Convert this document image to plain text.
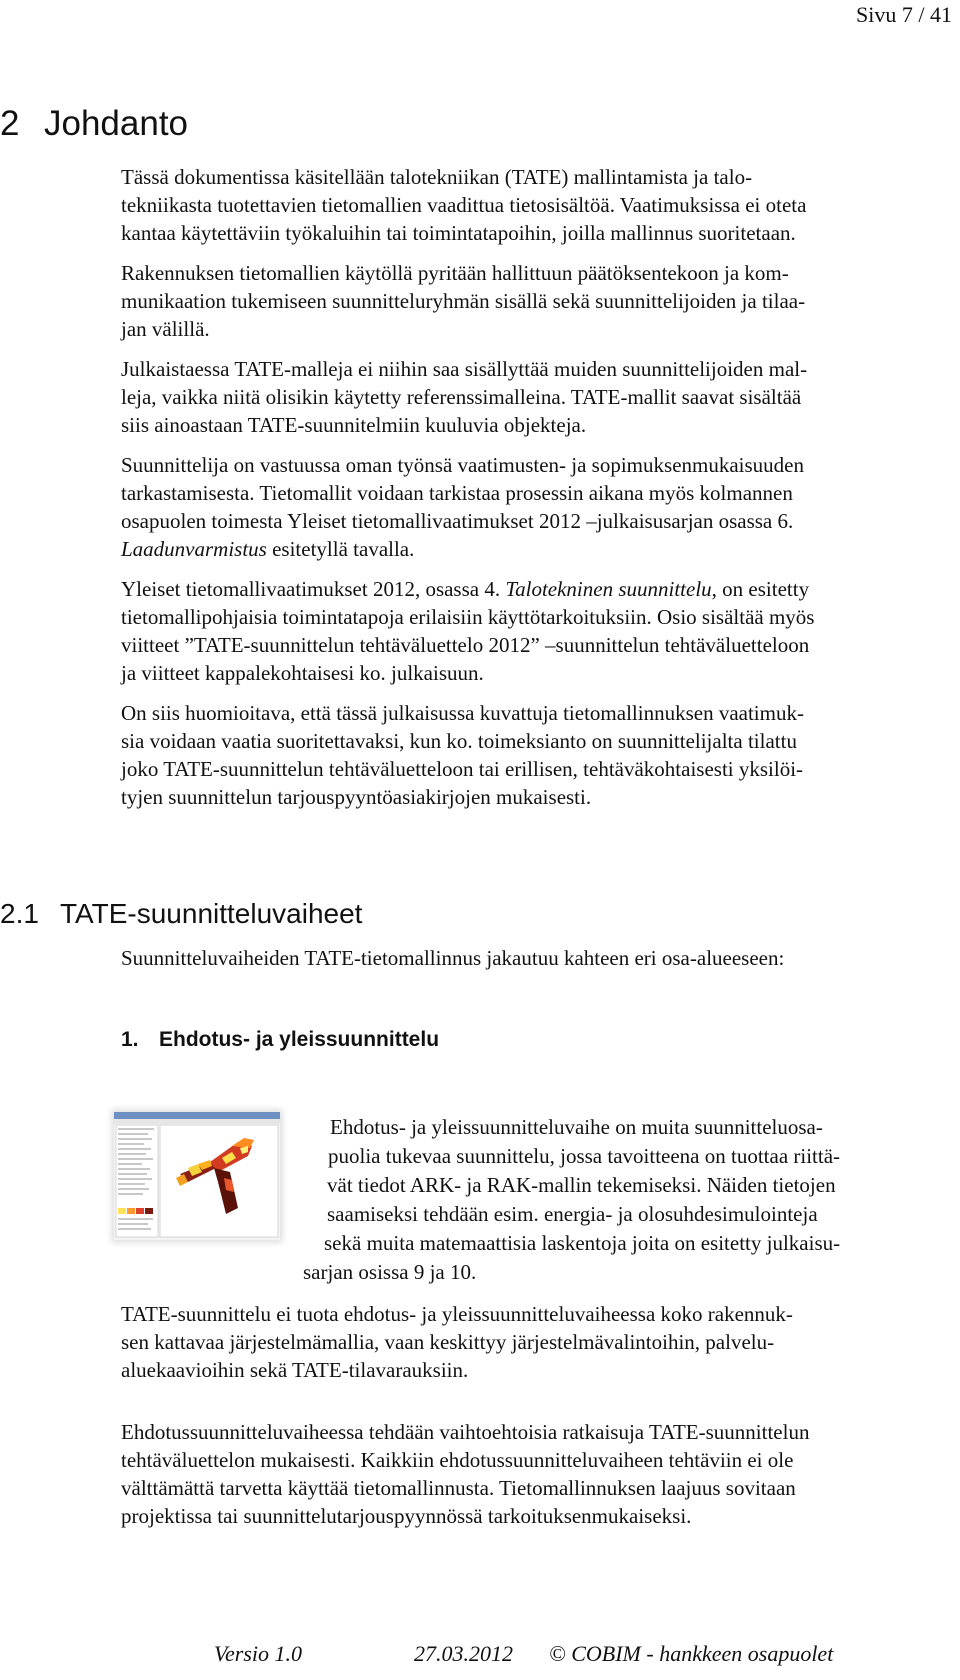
Sivu 7 / 41
2 Johdanto

Tässä dokumentissa käsitellään talotekniikan (TATE) mallintamista ja talo-
tekniikasta tuotettavien tietomallien vaadittua tietosisältöä. Vaatimuksissa ei oteta
kantaa käytettäviin työkaluihin tai toimintatapoihin, joilla mallinnus suoritetaan.

Rakennuksen tietomallien käytöllä pyritään hallittuun päätöksentekoon ja kom-
munikaation tukemiseen suunnitteluryhmän sisällä sekä suunnittelijoiden ja tilaa-
jan välillä.

Julkaistaessa TATE-malleja ei niihin saa sisällyttää muiden suunnittelijoiden mal-
leja, vaikka niitä olisikin käytetty referenssimalleina. TATE-mallit saavat sisältää
siis ainoastaan TATE-suunnitelmiin kuuluvia objekteja.

Suunnittelija on vastuussa oman työnsä vaatimusten- ja sopimuksenmukaisuuden
tarkastamisesta. Tietomallit voidaan tarkistaa prosessin aikana myös kolmannen
osapuolen toimesta Yleiset tietomallivaatimukset 2012 –julkaisusarjan osassa 6.
Laadunvarmistus esitetyllä tavalla.

Yleiset tietomallivaatimukset 2012, osassa 4. Talotekninen suunnittelu, on esitetty
tietomallipohjaisia toimintatapoja erilaisiin käyttötarkoituksiin. Osio sisältää myös
viitteet ”TATE-suunnittelun tehtäväluettelo 2012” –suunnittelun tehtäväluetteloon
ja viitteet kappalekohtaisesi ko. julkaisuun.

On siis huomioitava, että tässä julkaisussa kuvattuja tietomallinnuksen vaatimuk-
sia voidaan vaatia suoritettavaksi, kun ko. toimeksianto on suunnittelijalta tilattu
joko TATE-suunnittelun tehtäväluetteloon tai erillisen, tehtäväkohtaisesti yksilöi-
tyjen suunnittelun tarjouspyyntöasiakirjojen mukaisesti.

2.1 TATE-suunnitteluvaiheet
Suunnitteluvaiheiden TATE-tietomallinnus jakautuu kahteen eri osa-alueeseen:
1. Ehdotus- ja yleissuunnittelu
Ehdotus- ja yleissuunnitteluvaihe on muita suunnitteluosa-
puolia tukevaa suunnittelu, jossa tavoitteena on tuottaa riittä-
vät tiedot ARK- ja RAK-mallin tekemiseksi. Näiden tietojen
saamiseksi tehdään esim. energia- ja olosuhdesimulointeja
sekä muita matemaattisia laskentoja joita on esitetty julkaisu-
sarjan osissa 9 ja 10.

TATE-suunnittelu ei tuota ehdotus- ja yleissuunnitteluvaiheessa koko rakennuk-
sen kattavaa järjestelmämallia, vaan keskittyy järjestelmävalintoihin, palvelu-
aluekaavioihin sekä TATE-tilavarauksiin.

Ehdotussuunnitteluvaiheessa tehdään vaihtoehtoisia ratkaisuja TATE-suunnittelun
tehtäväluettelon mukaisesti. Kaikkiin ehdotussuunnitteluvaiheen tehtäviin ei ole
välttämättä tarvetta käyttää tietomallinnusta. Tietomallinnuksen laajuus sovitaan
projektissa tai suunnittelutarjouspyynnössä tarkoituksenmukaiseksi.

Versio 1.0	27.03.2012 © COBIM - hankkeen osapuolet
